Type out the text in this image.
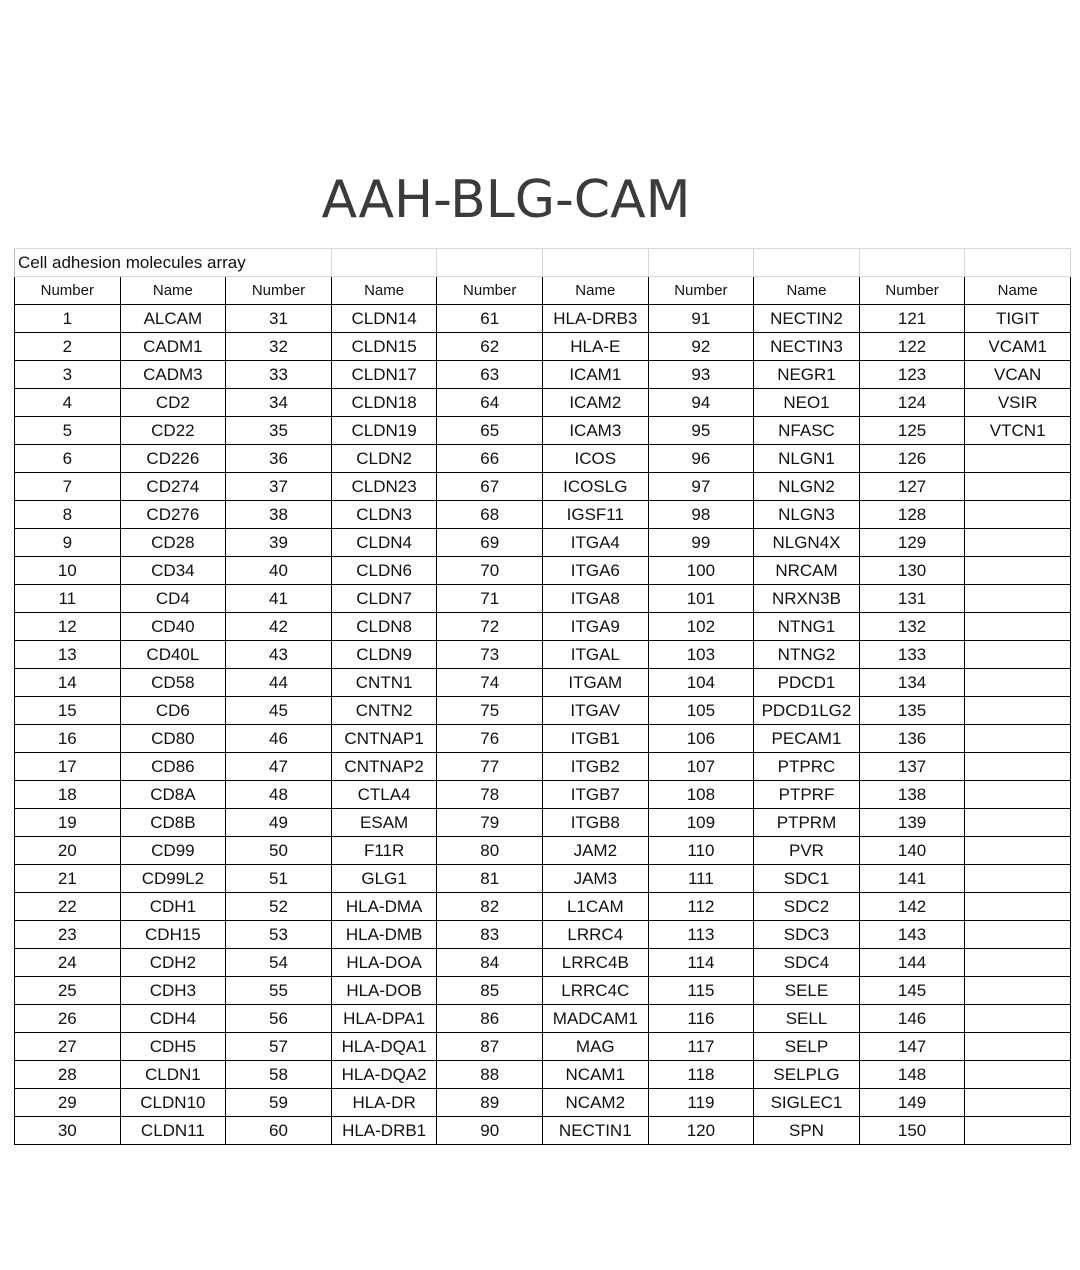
AAH-BLG-CAM
Cell adhesion molecules array									
Number	Name	Number	Name	Number	Name	Number	Name	Number	Name
1	ALCAM	31	CLDN14	61	HLA-DRB3	91	NECTIN2	121	TIGIT
2	CADM1	32	CLDN15	62	HLA-E	92	NECTIN3	122	VCAM1
3	CADM3	33	CLDN17	63	ICAM1	93	NEGR1	123	VCAN
4	CD2	34	CLDN18	64	ICAM2	94	NEO1	124	VSIR
5	CD22	35	CLDN19	65	ICAM3	95	NFASC	125	VTCN1
6	CD226	36	CLDN2	66	ICOS	96	NLGN1	126	
7	CD274	37	CLDN23	67	ICOSLG	97	NLGN2	127	
8	CD276	38	CLDN3	68	IGSF11	98	NLGN3	128	
9	CD28	39	CLDN4	69	ITGA4	99	NLGN4X	129	
10	CD34	40	CLDN6	70	ITGA6	100	NRCAM	130	
11	CD4	41	CLDN7	71	ITGA8	101	NRXN3B	131	
12	CD40	42	CLDN8	72	ITGA9	102	NTNG1	132	
13	CD40L	43	CLDN9	73	ITGAL	103	NTNG2	133	
14	CD58	44	CNTN1	74	ITGAM	104	PDCD1	134	
15	CD6	45	CNTN2	75	ITGAV	105	PDCD1LG2	135	
16	CD80	46	CNTNAP1	76	ITGB1	106	PECAM1	136	
17	CD86	47	CNTNAP2	77	ITGB2	107	PTPRC	137	
18	CD8A	48	CTLA4	78	ITGB7	108	PTPRF	138	
19	CD8B	49	ESAM	79	ITGB8	109	PTPRM	139	
20	CD99	50	F11R	80	JAM2	110	PVR	140	
21	CD99L2	51	GLG1	81	JAM3	111	SDC1	141	
22	CDH1	52	HLA-DMA	82	L1CAM	112	SDC2	142	
23	CDH15	53	HLA-DMB	83	LRRC4	113	SDC3	143	
24	CDH2	54	HLA-DOA	84	LRRC4B	114	SDC4	144	
25	CDH3	55	HLA-DOB	85	LRRC4C	115	SELE	145	
26	CDH4	56	HLA-DPA1	86	MADCAM1	116	SELL	146	
27	CDH5	57	HLA-DQA1	87	MAG	117	SELP	147	
28	CLDN1	58	HLA-DQA2	88	NCAM1	118	SELPLG	148	
29	CLDN10	59	HLA-DR	89	NCAM2	119	SIGLEC1	149	
30	CLDN11	60	HLA-DRB1	90	NECTIN1	120	SPN	150	
